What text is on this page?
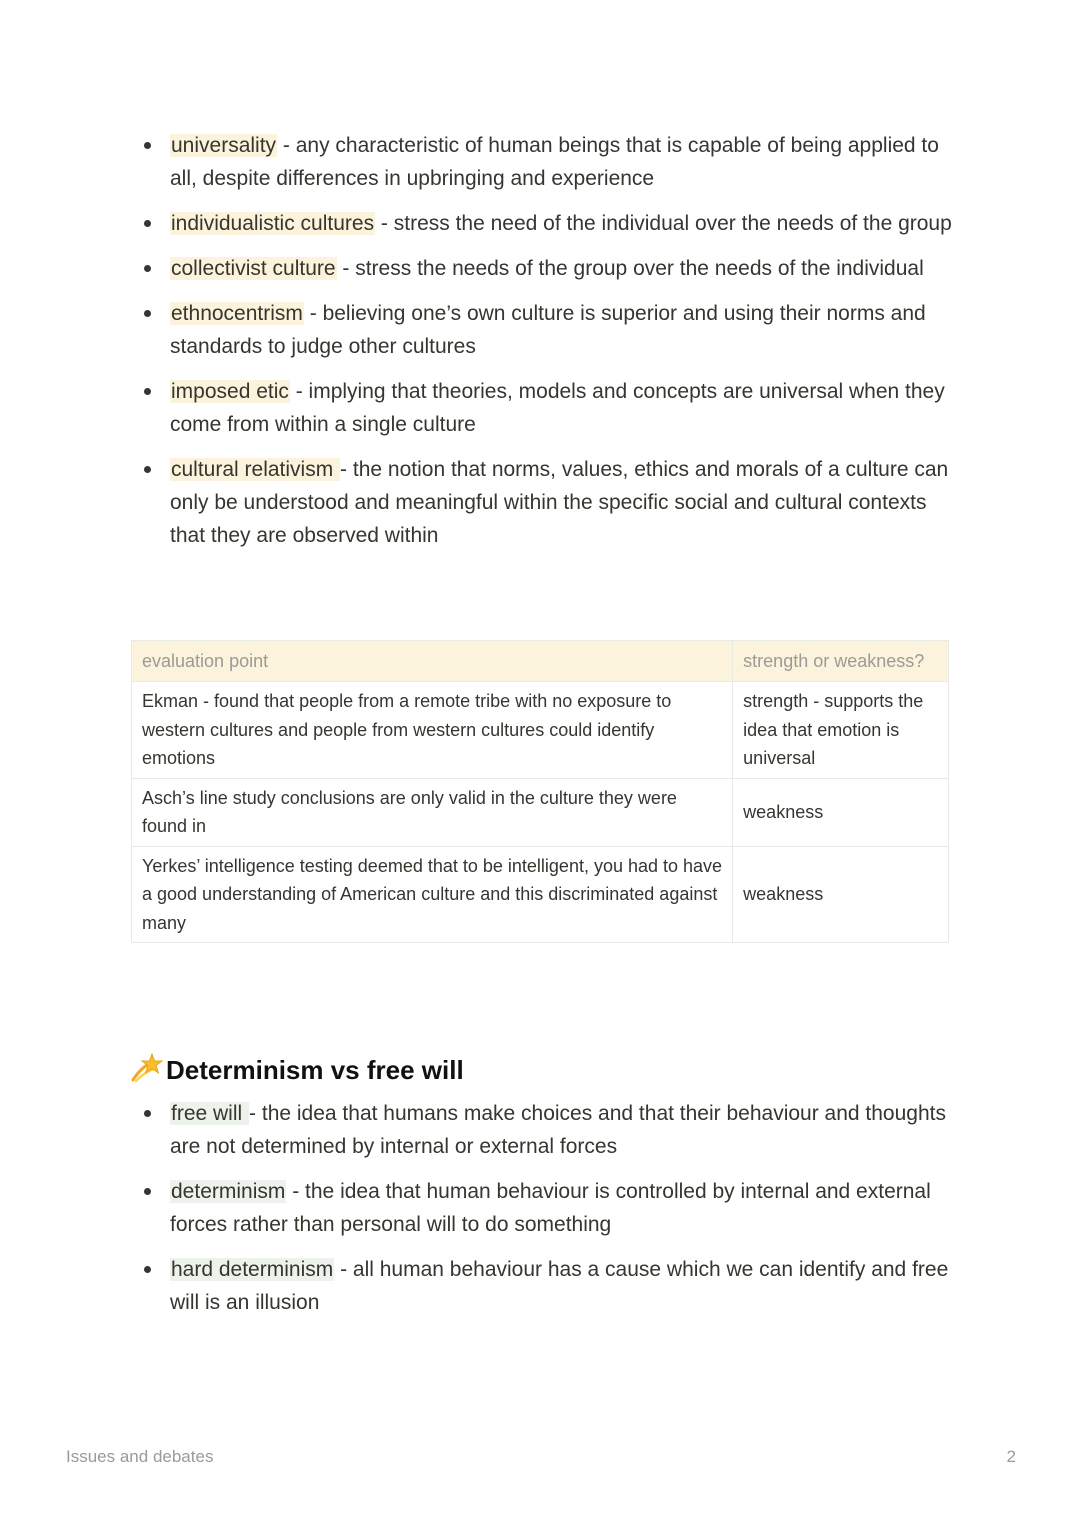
universality - any characteristic of human beings that is capable of being applied to all, despite differences in upbringing and experience
individualistic cultures - stress the need of the individual over the needs of the group
collectivist culture - stress the needs of the group over the needs of the individual
ethnocentrism - believing one’s own culture is superior and using their norms and standards to judge other cultures
imposed etic - implying that theories, models and concepts are universal when they come from within a single culture
cultural relativism - the notion that norms, values, ethics and morals of a culture can only be understood and meaningful within the specific social and cultural contexts that they are observed within
evaluation point	strength or weakness?
Ekman - found that people from a remote tribe with no exposure to western cultures and people from western cultures could identify emotions	strength - supports the idea that emotion is universal
Asch’s line study conclusions are only valid in the culture they were found in	weakness
Yerkes’ intelligence testing deemed that to be intelligent, you had to have a good understanding of American culture and this discriminated against many	weakness
Determinism vs free will
free will - the idea that humans make choices and that their behaviour and thoughts are not determined by internal or external forces
determinism - the idea that human behaviour is controlled by internal and external forces rather than personal will to do something
hard determinism - all human behaviour has a cause which we can identify and free will is an illusion
Issues and debates	2
